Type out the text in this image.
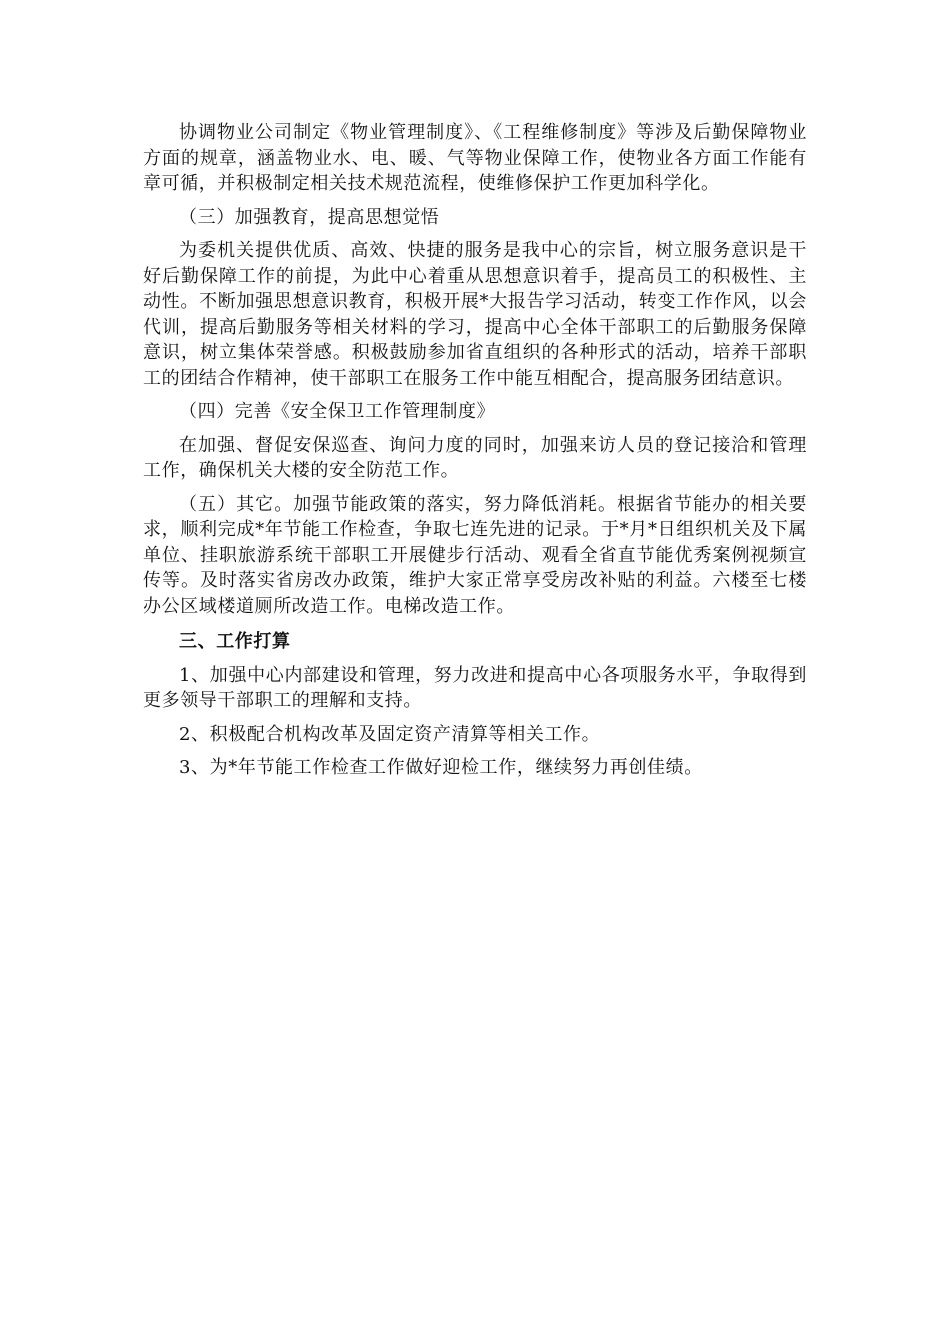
协调物业公司制定《物业管理制度》、《工程维修制度》等涉及后勤保障物业方面的规章，涵盖物业水、电、暖、气等物业保障工作，使物业各方面工作能有章可循，并积极制定相关技术规范流程，使维修保护工作更加科学化。

（三）加强教育，提高思想觉悟

为委机关提供优质、高效、快捷的服务是我中心的宗旨，树立服务意识是干好后勤保障工作的前提，为此中心着重从思想意识着手，提高员工的积极性、主动性。不断加强思想意识教育，积极开展*大报告学习活动，转变工作作风，以会代训，提高后勤服务等相关材料的学习，提高中心全体干部职工的后勤服务保障意识，树立集体荣誉感。积极鼓励参加省直组织的各种形式的活动，培养干部职工的团结合作精神，使干部职工在服务工作中能互相配合，提高服务团结意识。

（四）完善《安全保卫工作管理制度》

在加强、督促安保巡查、询问力度的同时，加强来访人员的登记接洽和管理工作，确保机关大楼的安全防范工作。

（五）其它。加强节能政策的落实，努力降低消耗。根据省节能办的相关要求，顺利完成*年节能工作检查，争取七连先进的记录。于*月*日组织机关及下属单位、挂职旅游系统干部职工开展健步行活动、观看全省直节能优秀案例视频宣传等。及时落实省房改办政策，维护大家正常享受房改补贴的利益。六楼至七楼办公区域楼道厕所改造工作。电梯改造工作。

三、工作打算

1、加强中心内部建设和管理，努力改进和提高中心各项服务水平，争取得到更多领导干部职工的理解和支持。

2、积极配合机构改革及固定资产清算等相关工作。

3、为*年节能工作检查工作做好迎检工作，继续努力再创佳绩。
